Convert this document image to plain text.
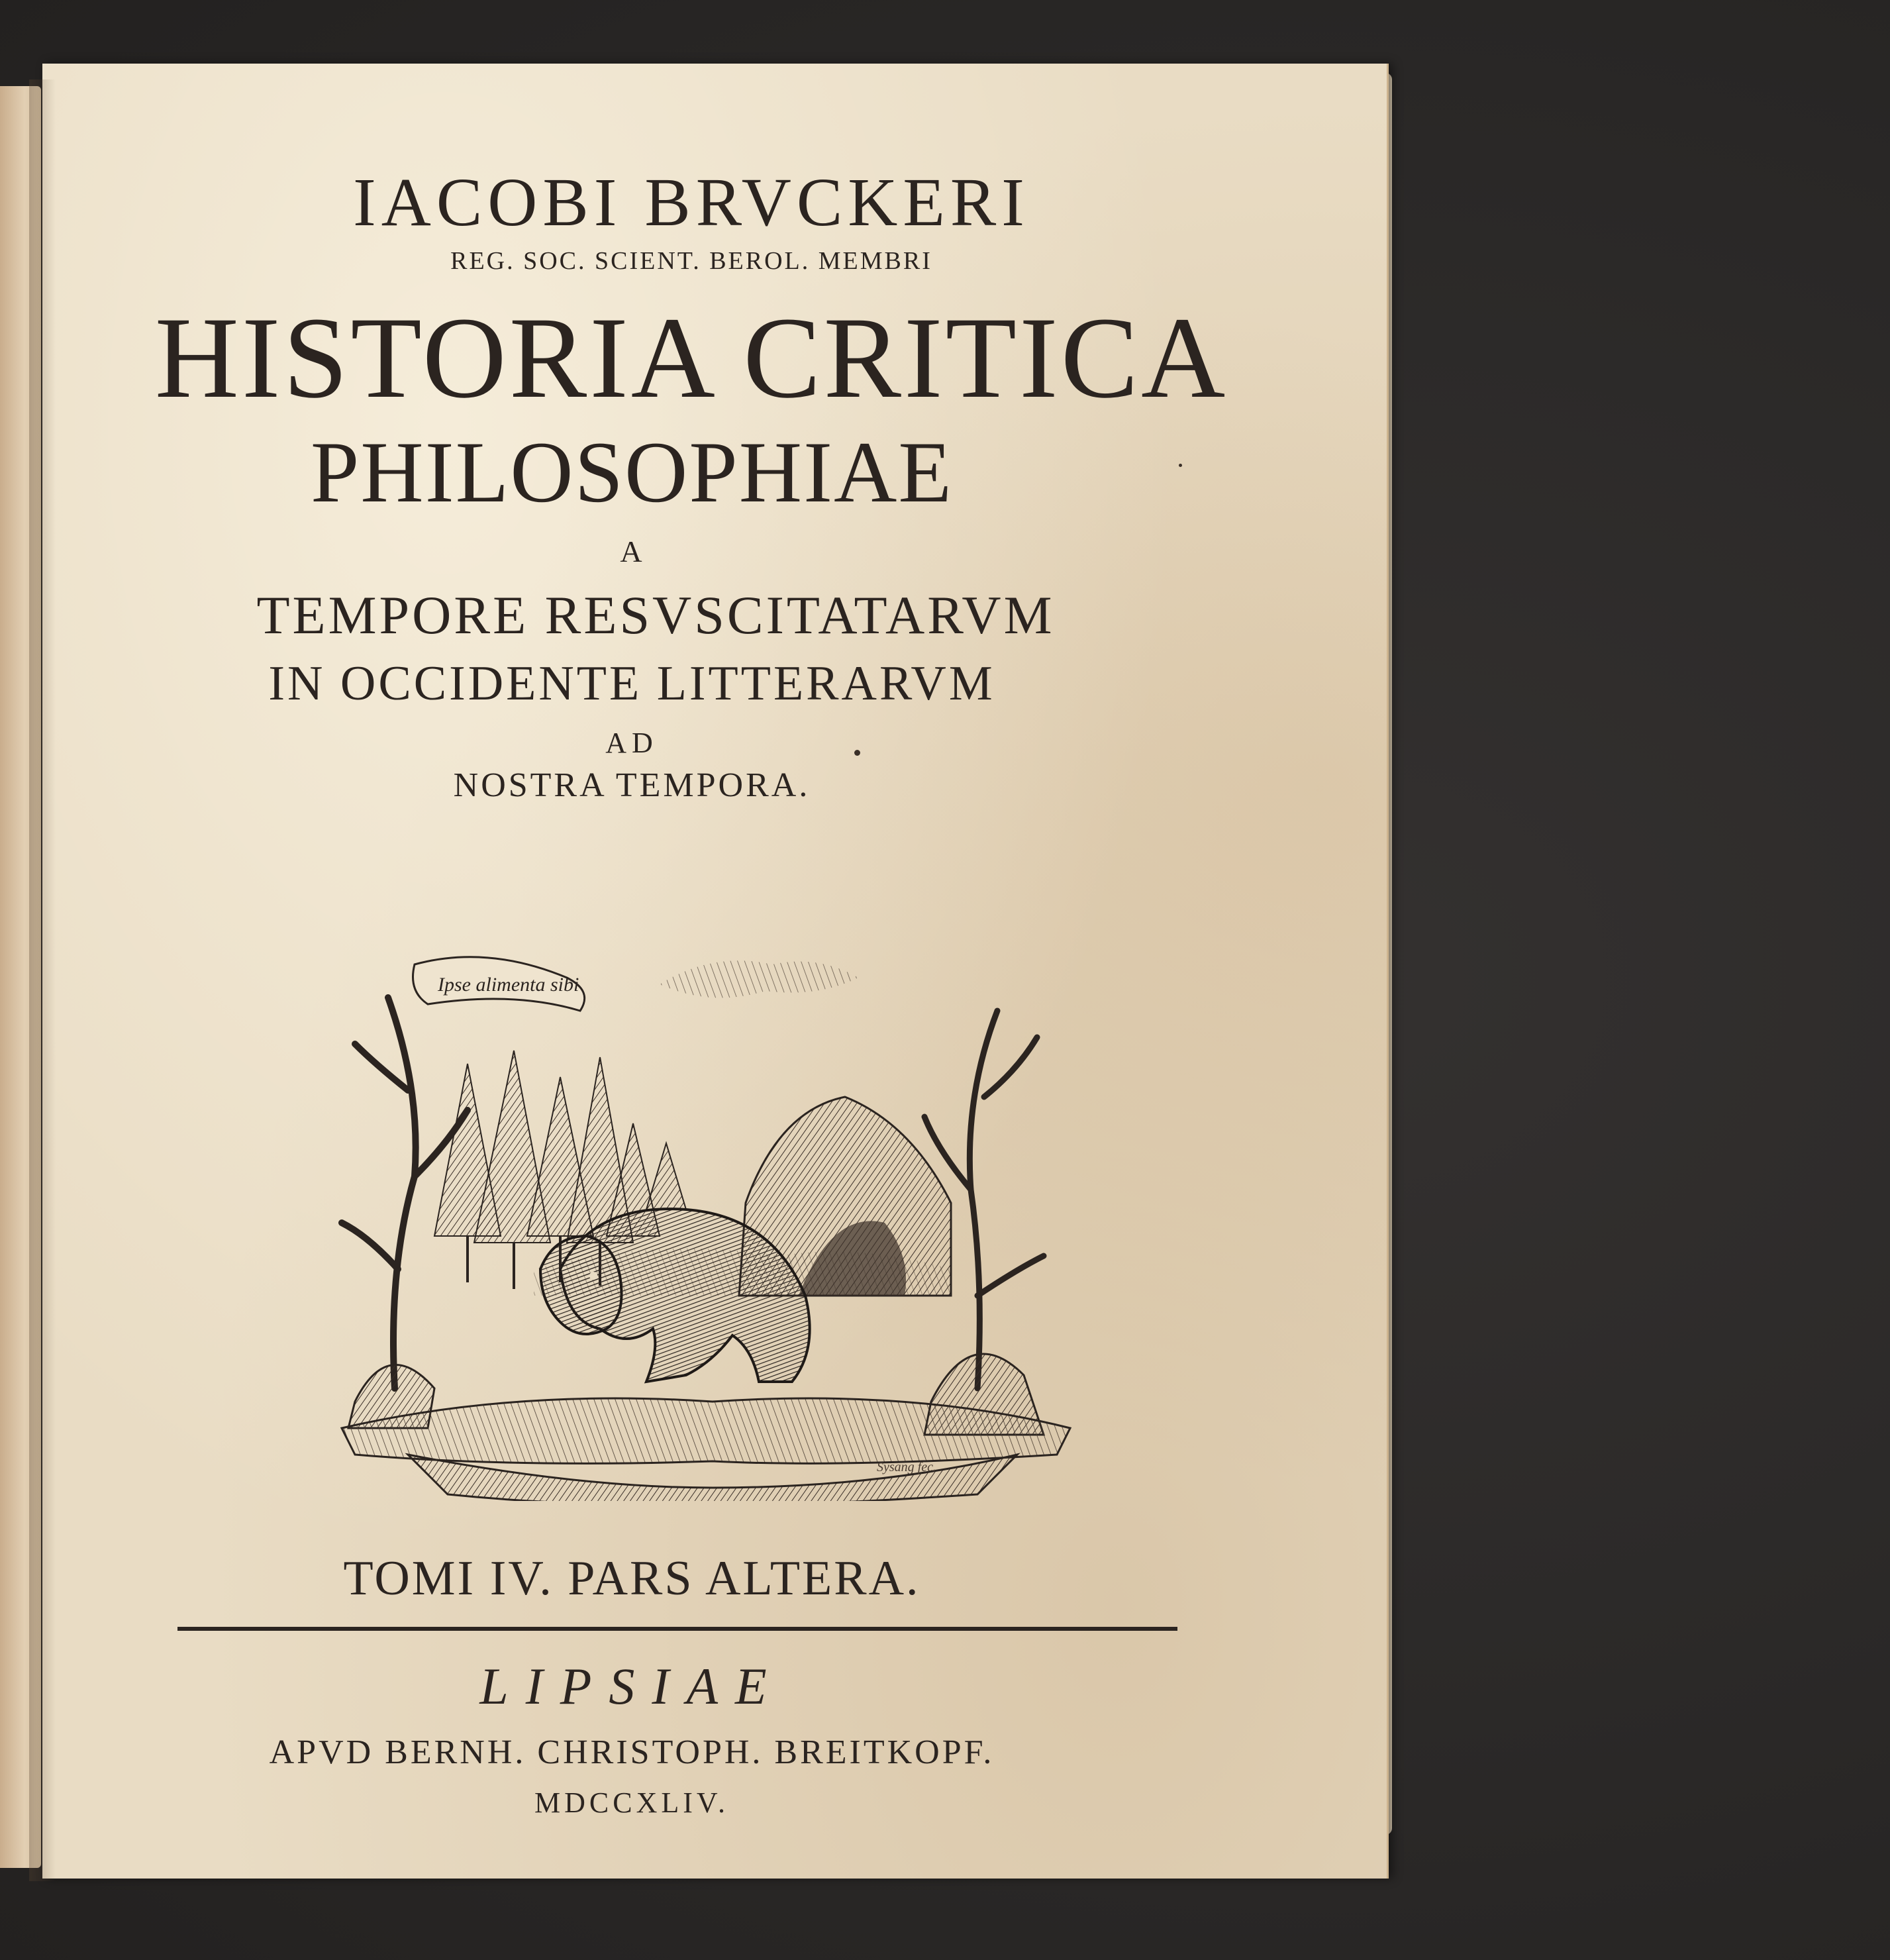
IACOBI BRVCKERI

REG. SOC. SCIENT. BEROL. MEMBRI

HISTORIA CRITICA

PHILOSOPHIAE

A

TEMPORE RESVSCITATARVM

IN OCCIDENTE LITTERARVM

AD

NOSTRA TEMPORA.

Ipse alimenta sibi
Sysang fec.

TOMI IV. PARS ALTERA.

LIPSIAE

APVD BERNH. CHRISTOPH. BREITKOPF.

MDCCXLIV.
